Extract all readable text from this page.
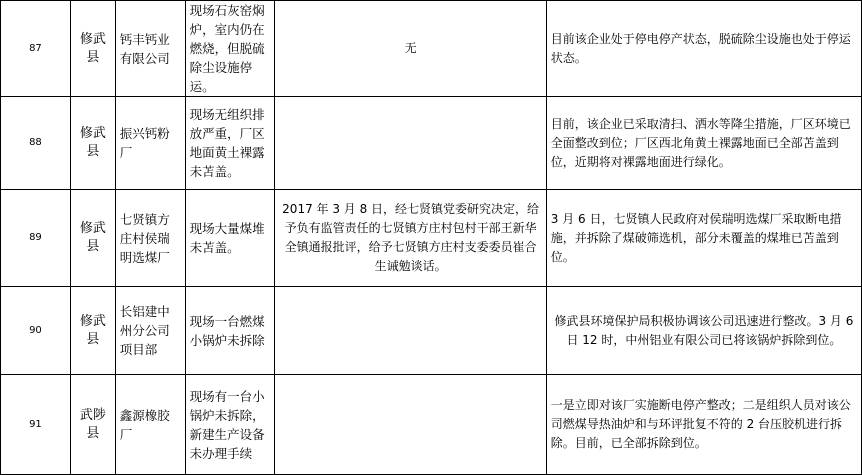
87	修武县	钙丰钙业有限公司	现场石灰窑焖炉，室内仍在燃烧，但脱硫除尘设施停运。	无	目前该企业处于停电停产状态，脱硫除尘设施也处于停运状态。
88	修武县	振兴钙粉厂	现场无组织排放严重，厂区地面黄土裸露未苫盖。		目前，该企业已采取清扫、洒水等降尘措施，厂区环境已全面整改到位；厂区西北角黄土裸露地面已全部苫盖到位，近期将对裸露地面进行绿化。
89	修武县	七贤镇方庄村侯瑞明选煤厂	现场大量煤堆未苫盖。	2017 年 3 月 8 日，经七贤镇党委研究决定，给予负有监管责任的七贤镇方庄村包村干部王新华全镇通报批评，给予七贤镇方庄村支委委员崔合生诫勉谈话。	3 月 6 日，七贤镇人民政府对侯瑞明选煤厂采取断电措施，并拆除了煤破筛选机，部分未覆盖的煤堆已苫盖到位。
90	修武县	长铝建中州分公司项目部	现场一台燃煤小锅炉未拆除		修武县环境保护局积极协调该公司迅速进行整改。3 月 6 日 12 时，中州铝业有限公司已将该锅炉拆除到位。
91	武陟县	鑫源橡胶厂	现场有一台小锅炉未拆除，新建生产设备未办理手续		一是立即对该厂实施断电停产整改；二是组织人员对该公司燃煤导热油炉和与环评批复不符的 2 台压胶机进行拆除。目前，已全部拆除到位。
